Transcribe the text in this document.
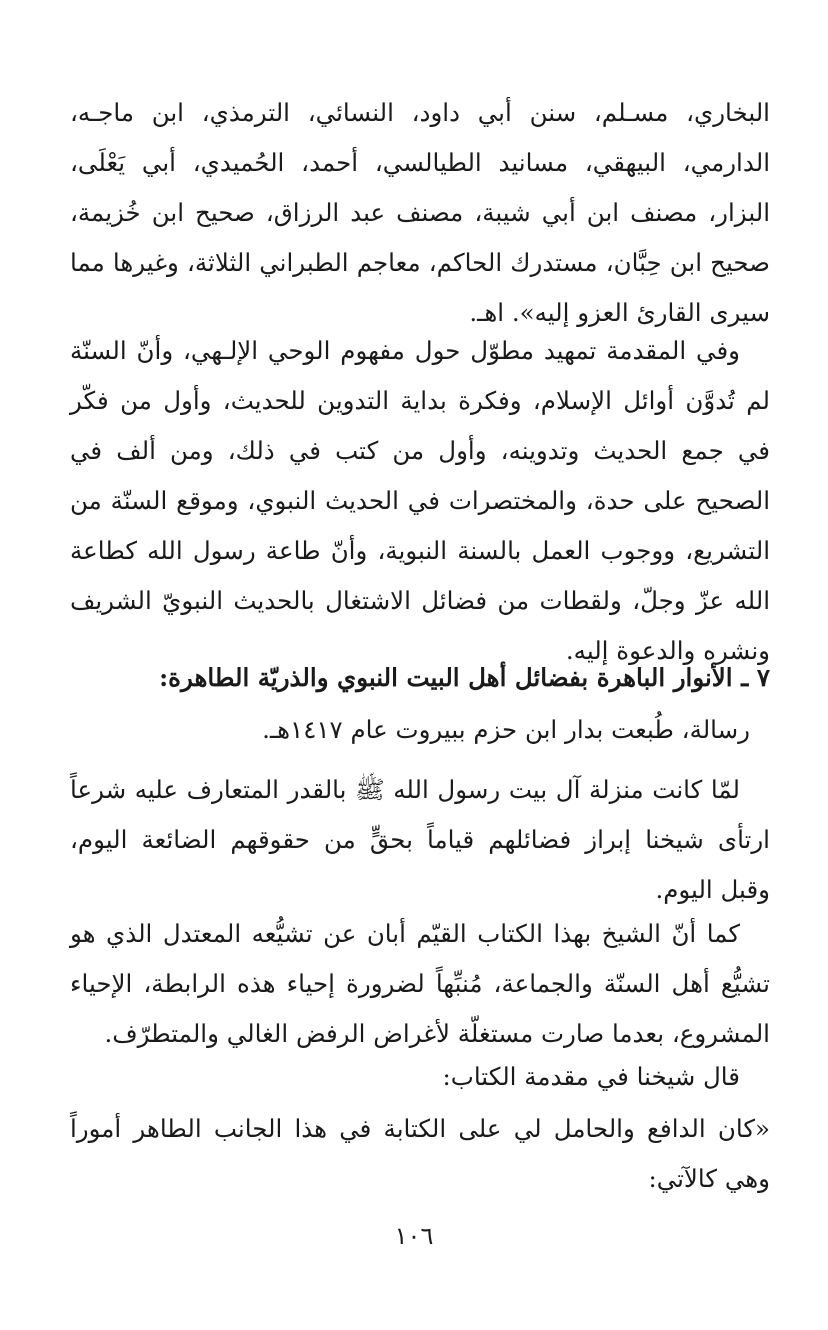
البخاري، مسـلم، سنن أبي داود، النسائي، الترمذي، ابن ماجـه، الدارمي، البيهقي، مسانيد الطيالسي، أحمد، الحُميدي، أبي يَعْلَى، البزار، مصنف ابن أبي شيبة، مصنف عبد الرزاق، صحيح ابن خُزيمة، صحيح ابن حِبَّان، مستدرك الحاكم، معاجم الطبراني الثلاثة، وغيرها مما سيرى القارئ العزو إليه». اهـ.
وفي المقدمة تمهيد مطوّل حول مفهوم الوحي الإلـهي، وأنّ السنّة لم تُدوَّن أوائل الإسلام، وفكرة بداية التدوين للحديث، وأول من فكّر في جمع الحديث وتدوينه، وأول من كتب في ذلك، ومن ألف في الصحيح على حدة، والمختصرات في الحديث النبوي، وموقع السنّة من التشريع، ووجوب العمل بالسنة النبوية، وأنّ طاعة رسول الله كطاعة الله عزّ وجلّ، ولقطات من فضائل الاشتغال بالحديث النبويّ الشريف ونشره والدعوة إليه.
٧ ـ الأنوار الباهرة بفضائل أهل البيت النبوي والذريّة الطاهرة:
رسالة، طُبعت بدار ابن حزم ببيروت عام ١٤١٧هـ.
لمّا كانت منزلة آل بيت رسول الله ﷺ بالقدر المتعارف عليه شرعاً ارتأى شيخنا إبراز فضائلهم قياماً بحقٍّ من حقوقهم الضائعة اليوم، وقبل اليوم.
كما أنّ الشيخ بهذا الكتاب القيّم أبان عن تشيُّعه المعتدل الذي هو تشيُّع أهل السنّة والجماعة، مُنبِّهاً لضرورة إحياء هذه الرابطة، الإحياء المشروع، بعدما صارت مستغلّة لأغراض الرفض الغالي والمتطرّف.
قال شيخنا في مقدمة الكتاب:
«كان الدافع والحامل لي على الكتابة في هذا الجانب الطاهر أموراً وهي كالآتي:
١٠٦
